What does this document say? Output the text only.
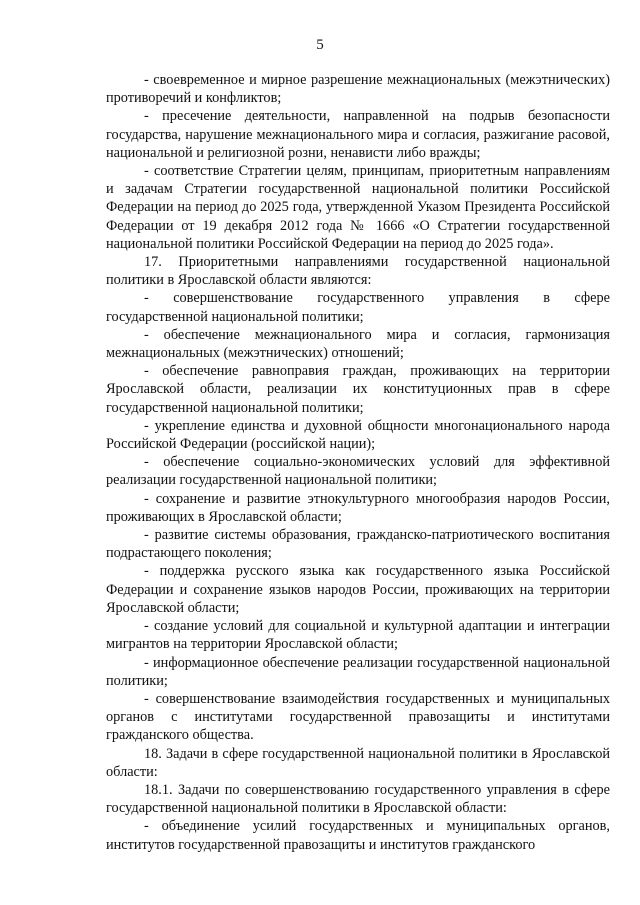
5

- своевременное и мирное разрешение межнациональных (межэтнических) противоречий и конфликтов;

- пресечение деятельности, направленной на подрыв безопасности государства, нарушение межнационального мира и согласия, разжигание расовой, национальной и религиозной розни, ненависти либо вражды;

- соответствие Стратегии целям, принципам, приоритетным направлениям и задачам Стратегии государственной национальной политики Российской Федерации на период до 2025 года, утвержденной Указом Президента Российской Федерации от 19 декабря 2012 года № 1666 «О Стратегии государственной национальной политики Российской Федерации на период до 2025 года».

17. Приоритетными направлениями государственной национальной политики в Ярославской области являются:

- совершенствование государственного управления в сфере государственной национальной политики;

- обеспечение межнационального мира и согласия, гармонизация межнациональных (межэтнических) отношений;

- обеспечение равноправия граждан, проживающих на территории Ярославской области, реализации их конституционных прав в сфере государственной национальной политики;

- укрепление единства и духовной общности многонационального народа Российской Федерации (российской нации);

- обеспечение социально-экономических условий для эффективной реализации государственной национальной политики;

- сохранение и развитие этнокультурного многообразия народов России, проживающих в Ярославской области;

- развитие системы образования, гражданско-патриотического воспитания подрастающего поколения;

- поддержка русского языка как государственного языка Российской Федерации и сохранение языков народов России, проживающих на территории Ярославской области;

- создание условий для социальной и культурной адаптации и интеграции мигрантов на территории Ярославской области;

- информационное обеспечение реализации государственной национальной политики;

- совершенствование взаимодействия государственных и муниципальных органов с институтами государственной правозащиты и институтами гражданского общества.

18. Задачи в сфере государственной национальной политики в Ярославской области:

18.1. Задачи по совершенствованию государственного управления в сфере государственной национальной политики в Ярославской области:

- объединение усилий государственных и муниципальных органов, институтов государственной правозащиты и институтов гражданского
